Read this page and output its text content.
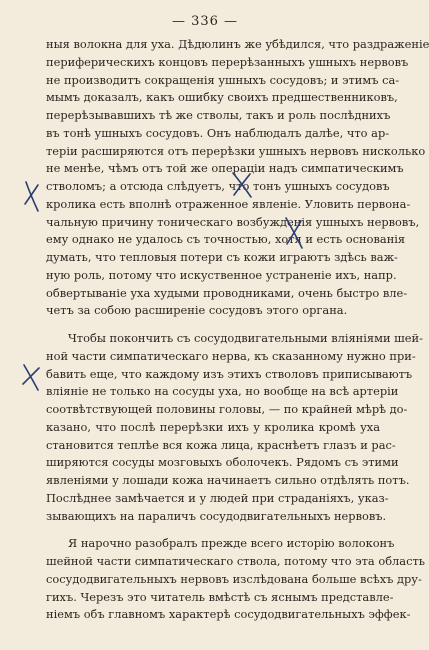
— 336 —
ныя волокна для уха. Дѣдюлинъ же убѣдился, что раздраженіе
периферическихъ концовъ перерѣзанныхъ ушныхъ нервовъ
не производитъ сокращенія ушныхъ сосудовъ; и этимъ са-
мымъ доказалъ, какъ ошибку своихъ предшественниковъ,
перерѣзывавшихъ тѣ же стволы, такъ и роль послѣднихъ
въ тонѣ ушныхъ сосудовъ. Онъ наблюдалъ далѣе, что ар-
теріи расширяются отъ перерѣзки ушныхъ нервовъ нисколько
не менѣе, чѣмъ отъ той же операціи надъ симпатическимъ
стволомъ; а отсюда слѣдуетъ, что тонъ ушныхъ сосудовъ
кролика есть вполнѣ отраженное явленіе. Уловить первона-
чальную причину тоническаго возбужденія ушныхъ нервовъ,
ему однако не удалось съ точностью, хотя и есть основанія
думать, что тепловыя потери съ кожи играютъ здѣсь важ-
ную роль, потому что искуственное устраненіе ихъ, напр.
обвертываніе уха худыми проводниками, очень быстро вле-
четъ за собою расширеніе сосудовъ этого органа.
Чтобы покончить съ сосудодвигательными вліяніями шей-
ной части симпатическаго нерва, къ сказанному нужно при-
бавить еще, что каждому изъ этихъ стволовъ приписываютъ
вліяніе не только на сосуды уха, но вообще на всѣ артеріи
соотвѣтствующей половины головы, — по крайней мѣрѣ до-
казано, что послѣ перерѣзки ихъ у кролика кромѣ уха
становится теплѣе вся кожа лица, краснѣетъ глазъ и рас-
ширяются сосуды мозговыхъ оболочекъ. Рядомъ съ этими
явленіями у лошади кожа начинаетъ сильно отдѣлять потъ.
Послѣднее замѣчается и у людей при страданіяхъ, указ-
зывающихъ на параличъ сосудодвигательныхъ нервовъ.
Я нарочно разобралъ прежде всего исторію волоконъ
шейной части симпатическаго ствола, потому что эта область
сосудодвигательныхъ нервовъ изслѣдована больше всѣхъ дру-
гихъ. Черезъ это читатель вмѣстѣ съ яснымъ представле-
ніемъ объ главномъ характерѣ сосудодвигательныхъ эффек-
